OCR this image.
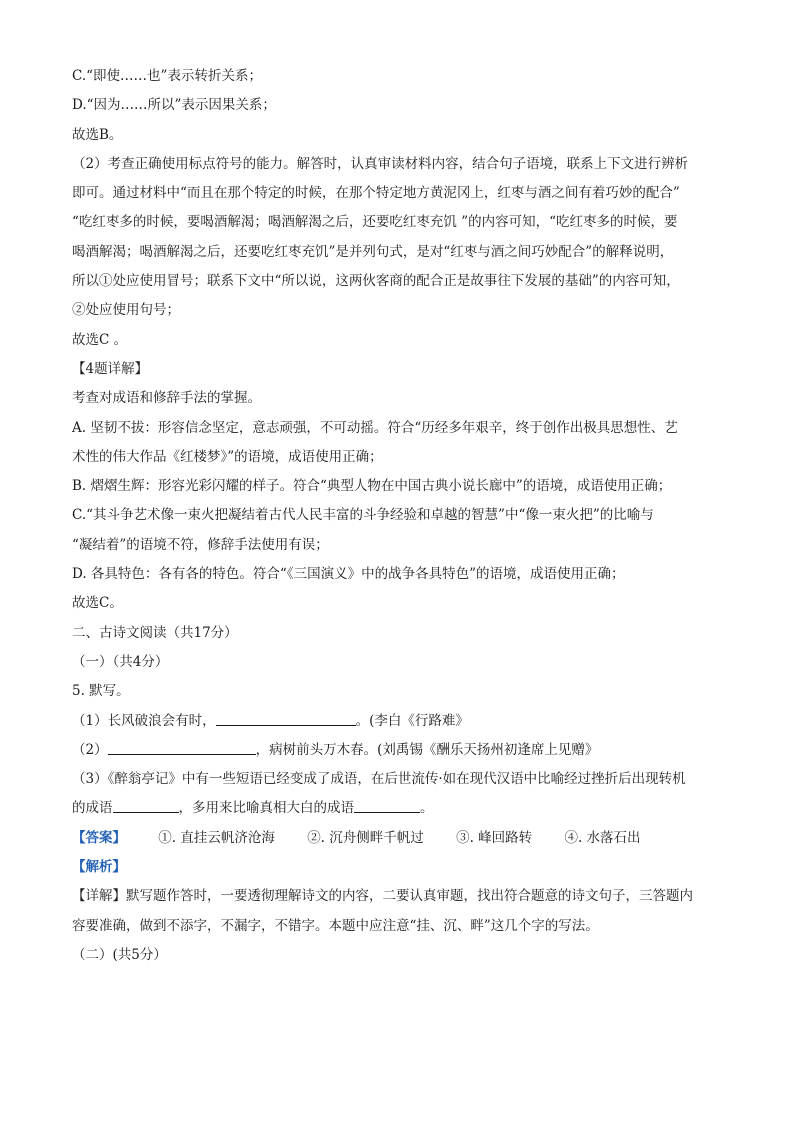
C.“即使……也”表示转折关系；
D.“因为……所以”表示因果关系；
故选B。
（2）考查正确使用标点符号的能力。解答时，认真审读材料内容，结合句子语境，联系上下文进行辨析
即可。通过材料中“而且在那个特定的时候，在那个特定地方黄泥冈上，红枣与酒之间有着巧妙的配合”
“吃红枣多的时候，要喝酒解渴；喝酒解渴之后，还要吃红枣充饥 ”的内容可知，“吃红枣多的时候，要
喝酒解渴；喝酒解渴之后，还要吃红枣充饥”是并列句式，是对“红枣与酒之间巧妙配合”的解释说明，
所以①处应使用冒号；联系下文中“所以说，这两伙客商的配合正是故事往下发展的基础”的内容可知，
②处应使用句号；
故选C 。
【4题详解】
考查对成语和修辞手法的掌握。
A. 坚韧不拔：形容信念坚定，意志顽强，不可动摇。符合“历经多年艰辛，终于创作出极具思想性、艺
术性的伟大作品《红楼梦》”的语境，成语使用正确；
B. 熠熠生辉：形容光彩闪耀的样子。符合“典型人物在中国古典小说长廊中”的语境，成语使用正确；
C.“其斗争艺术像一束火把凝结着古代人民丰富的斗争经验和卓越的智慧”中“像一束火把”的比喻与
“凝结着”的语境不符，修辞手法使用有误；
D. 各具特色：各有各的特色。符合“《三国演义》中的战争各具特色”的语境，成语使用正确；
故选C。
二、古诗文阅读（共17分）
（一）（共4分）
5. 默写。
（1）长风破浪会有时，	。(李白《行路难》
（2）	，病树前头万木春。(刘禹锡《酬乐天扬州初逢席上见赠》
（3）《醉翁亭记》中有一些短语已经变成了成语，在后世流传·如在现代汉语中比喻经过挫折后出现转机
的成语	，多用来比喻真相大白的成语	。
【答案】 ①. 直挂云帆济沧海 ②. 沉舟侧畔千帆过 ③. 峰回路转 ④. 水落石出
【解析】
【详解】默写题作答时，一要透彻理解诗文的内容，二要认真审题，找出符合题意的诗文句子，三答题内
容要准确，做到不添字，不漏字，不错字。本题中应注意“挂、沉、畔”这几个字的写法。
（二）(共5分）
